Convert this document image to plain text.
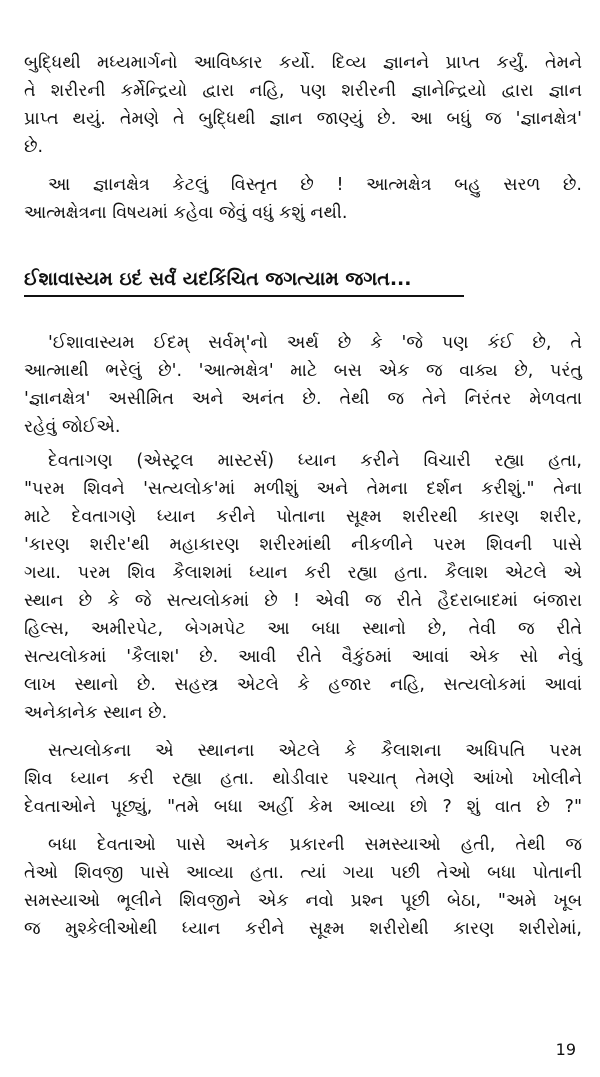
બુદ્ધિથી મધ્યમાર્ગનો આવિષ્કાર કર્યો. દિવ્ય જ્ઞાનને પ્રાપ્ત કર્યું. તેમને
તે શરીરની કર્મેન્દ્રિયો દ્વારા નહિ, પણ શરીરની જ્ઞાનેન્દ્રિયો દ્વારા જ્ઞાન
પ્રાપ્ત થયું. તેમણે તે બુદ્ધિથી જ્ઞાન જાણ્યું છે. આ બધું જ 'જ્ઞાનક્ષેત્ર'
છે.
આ જ્ઞાનક્ષેત્ર કેટલું વિસ્તૃત છે ! આત્મક્ષેત્ર બહુ સરળ છે.
આત્મક્ષેત્રના વિષયમાં કહેવા જેવું વધું કશું નથી.
ઈશાવાસ્યમ ઇદં સર્વં યદકિંચિત જગત્યામ જગત...
'ઈશાવાસ્યમ ઈદમ્ સર્વમ્'નો અર્થ છે કે 'જે પણ કંઈ છે, તે
આત્માથી ભરેલું છે'. 'આત્મક્ષેત્ર' માટે બસ એક જ વાક્ય છે, પરંતુ
'જ્ઞાનક્ષેત્ર' અસીમિત અને અનંત છે. તેથી જ તેને નિરંતર મેળવતા
રહેવું જોઈએ.
દેવતાગણ (એસ્ટ્રલ માસ્ટર્સ) ધ્યાન કરીને વિચારી રહ્યા હતા,
"પરમ શિવને 'સત્યલોક'માં મળીશું અને તેમના દર્શન કરીશું." તેના
માટે દેવતાગણે ધ્યાન કરીને પોતાના સૂક્ષ્મ શરીરથી કારણ શરીર,
'કારણ શરીર'થી મહાકારણ શરીરમાંથી નીકળીને પરમ શિવની પાસે
ગયા. પરમ શિવ કૈલાશમાં ધ્યાન કરી રહ્યા હતા. કૈલાશ એટલે એ
સ્થાન છે કે જે સત્યલોકમાં છે ! એવી જ રીતે હૈદરાબાદમાં બંજારા
હિલ્સ, અમીરપેટ, બેગમપેટ આ બધા સ્થાનો છે, તેવી જ રીતે
સત્યલોકમાં 'કૈલાશ' છે. આવી રીતે વૈકુંઠમાં આવાં એક સો નેવું
લાખ સ્થાનો છે. સહસ્ત્ર એટલે કે હજાર નહિ, સત્યલોકમાં આવાં
અનેકાનેક સ્થાન છે.
સત્યલોકના એ સ્થાનના એટલે કે કૈલાશના અધિપતિ પરમ
શિવ ધ્યાન કરી રહ્યા હતા. થોડીવાર પશ્ચાત્ તેમણે આંખો ખોલીને
દેવતાઓને પૂછ્યું, "તમે બધા અહીં કેમ આવ્યા છો ? શું વાત છે ?"
બધા દેવતાઓ પાસે અનેક પ્રકારની સમસ્યાઓ હતી, તેથી જ
તેઓ શિવજી પાસે આવ્યા હતા. ત્યાં ગયા પછી તેઓ બધા પોતાની
સમસ્યાઓ ભૂલીને શિવજીને એક નવો પ્રશ્ન પૂછી બેઠા, "અમે ખૂબ
જ મુશ્કેલીઓથી ધ્યાન કરીને સૂક્ષ્મ શરીરોથી કારણ શરીરોમાં,
19
